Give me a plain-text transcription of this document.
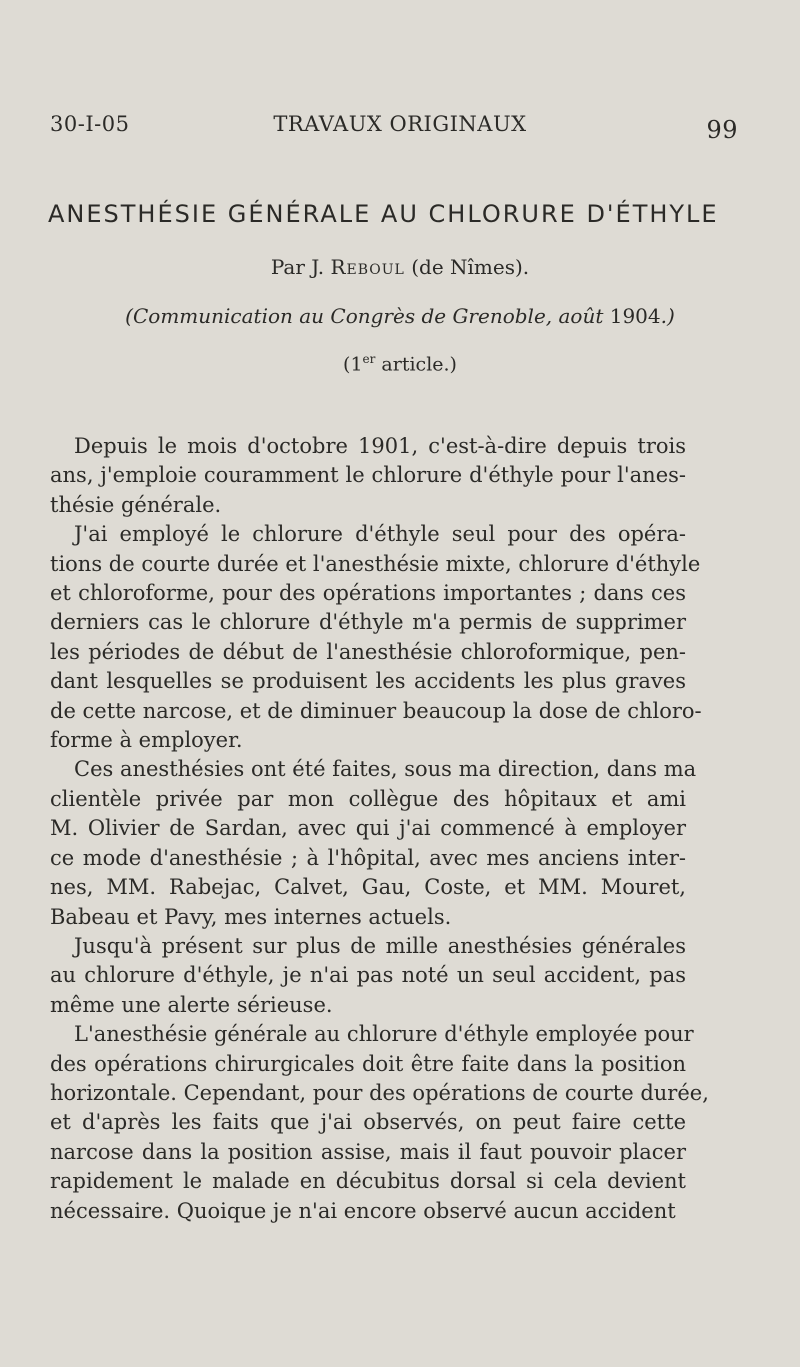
30-I-05	TRAVAUX ORIGINAUX	99
ANESTHÉSIE GÉNÉRALE AU CHLORURE D'ÉTHYLE
Par J. Reboul (de Nîmes).
(Communication au Congrès de Grenoble, août 1904.)
(1er article.)
Depuis le mois d'octobre 1901, c'est-à-dire depuis trois
ans, j'emploie couramment le chlorure d'éthyle pour l'anes-
thésie générale.
J'ai employé le chlorure d'éthyle seul pour des opéra-
tions de courte durée et l'anesthésie mixte, chlorure d'éthyle
et chloroforme, pour des opérations importantes ; dans ces
derniers cas le chlorure d'éthyle m'a permis de supprimer
les périodes de début de l'anesthésie chloroformique, pen-
dant lesquelles se produisent les accidents les plus graves
de cette narcose, et de diminuer beaucoup la dose de chloro-
forme à employer.
Ces anesthésies ont été faites, sous ma direction, dans ma
clientèle privée par mon collègue des hôpitaux et ami
M. Olivier de Sardan, avec qui j'ai commencé à employer
ce mode d'anesthésie ; à l'hôpital, avec mes anciens inter-
nes, MM. Rabejac, Calvet, Gau, Coste, et MM. Mouret,
Babeau et Pavy, mes internes actuels.
Jusqu'à présent sur plus de mille anesthésies générales
au chlorure d'éthyle, je n'ai pas noté un seul accident, pas
même une alerte sérieuse.
L'anesthésie générale au chlorure d'éthyle employée pour
des opérations chirurgicales doit être faite dans la position
horizontale. Cependant, pour des opérations de courte durée,
et d'après les faits que j'ai observés, on peut faire cette
narcose dans la position assise, mais il faut pouvoir placer
rapidement le malade en décubitus dorsal si cela devient
nécessaire. Quoique je n'ai encore observé aucun accident
